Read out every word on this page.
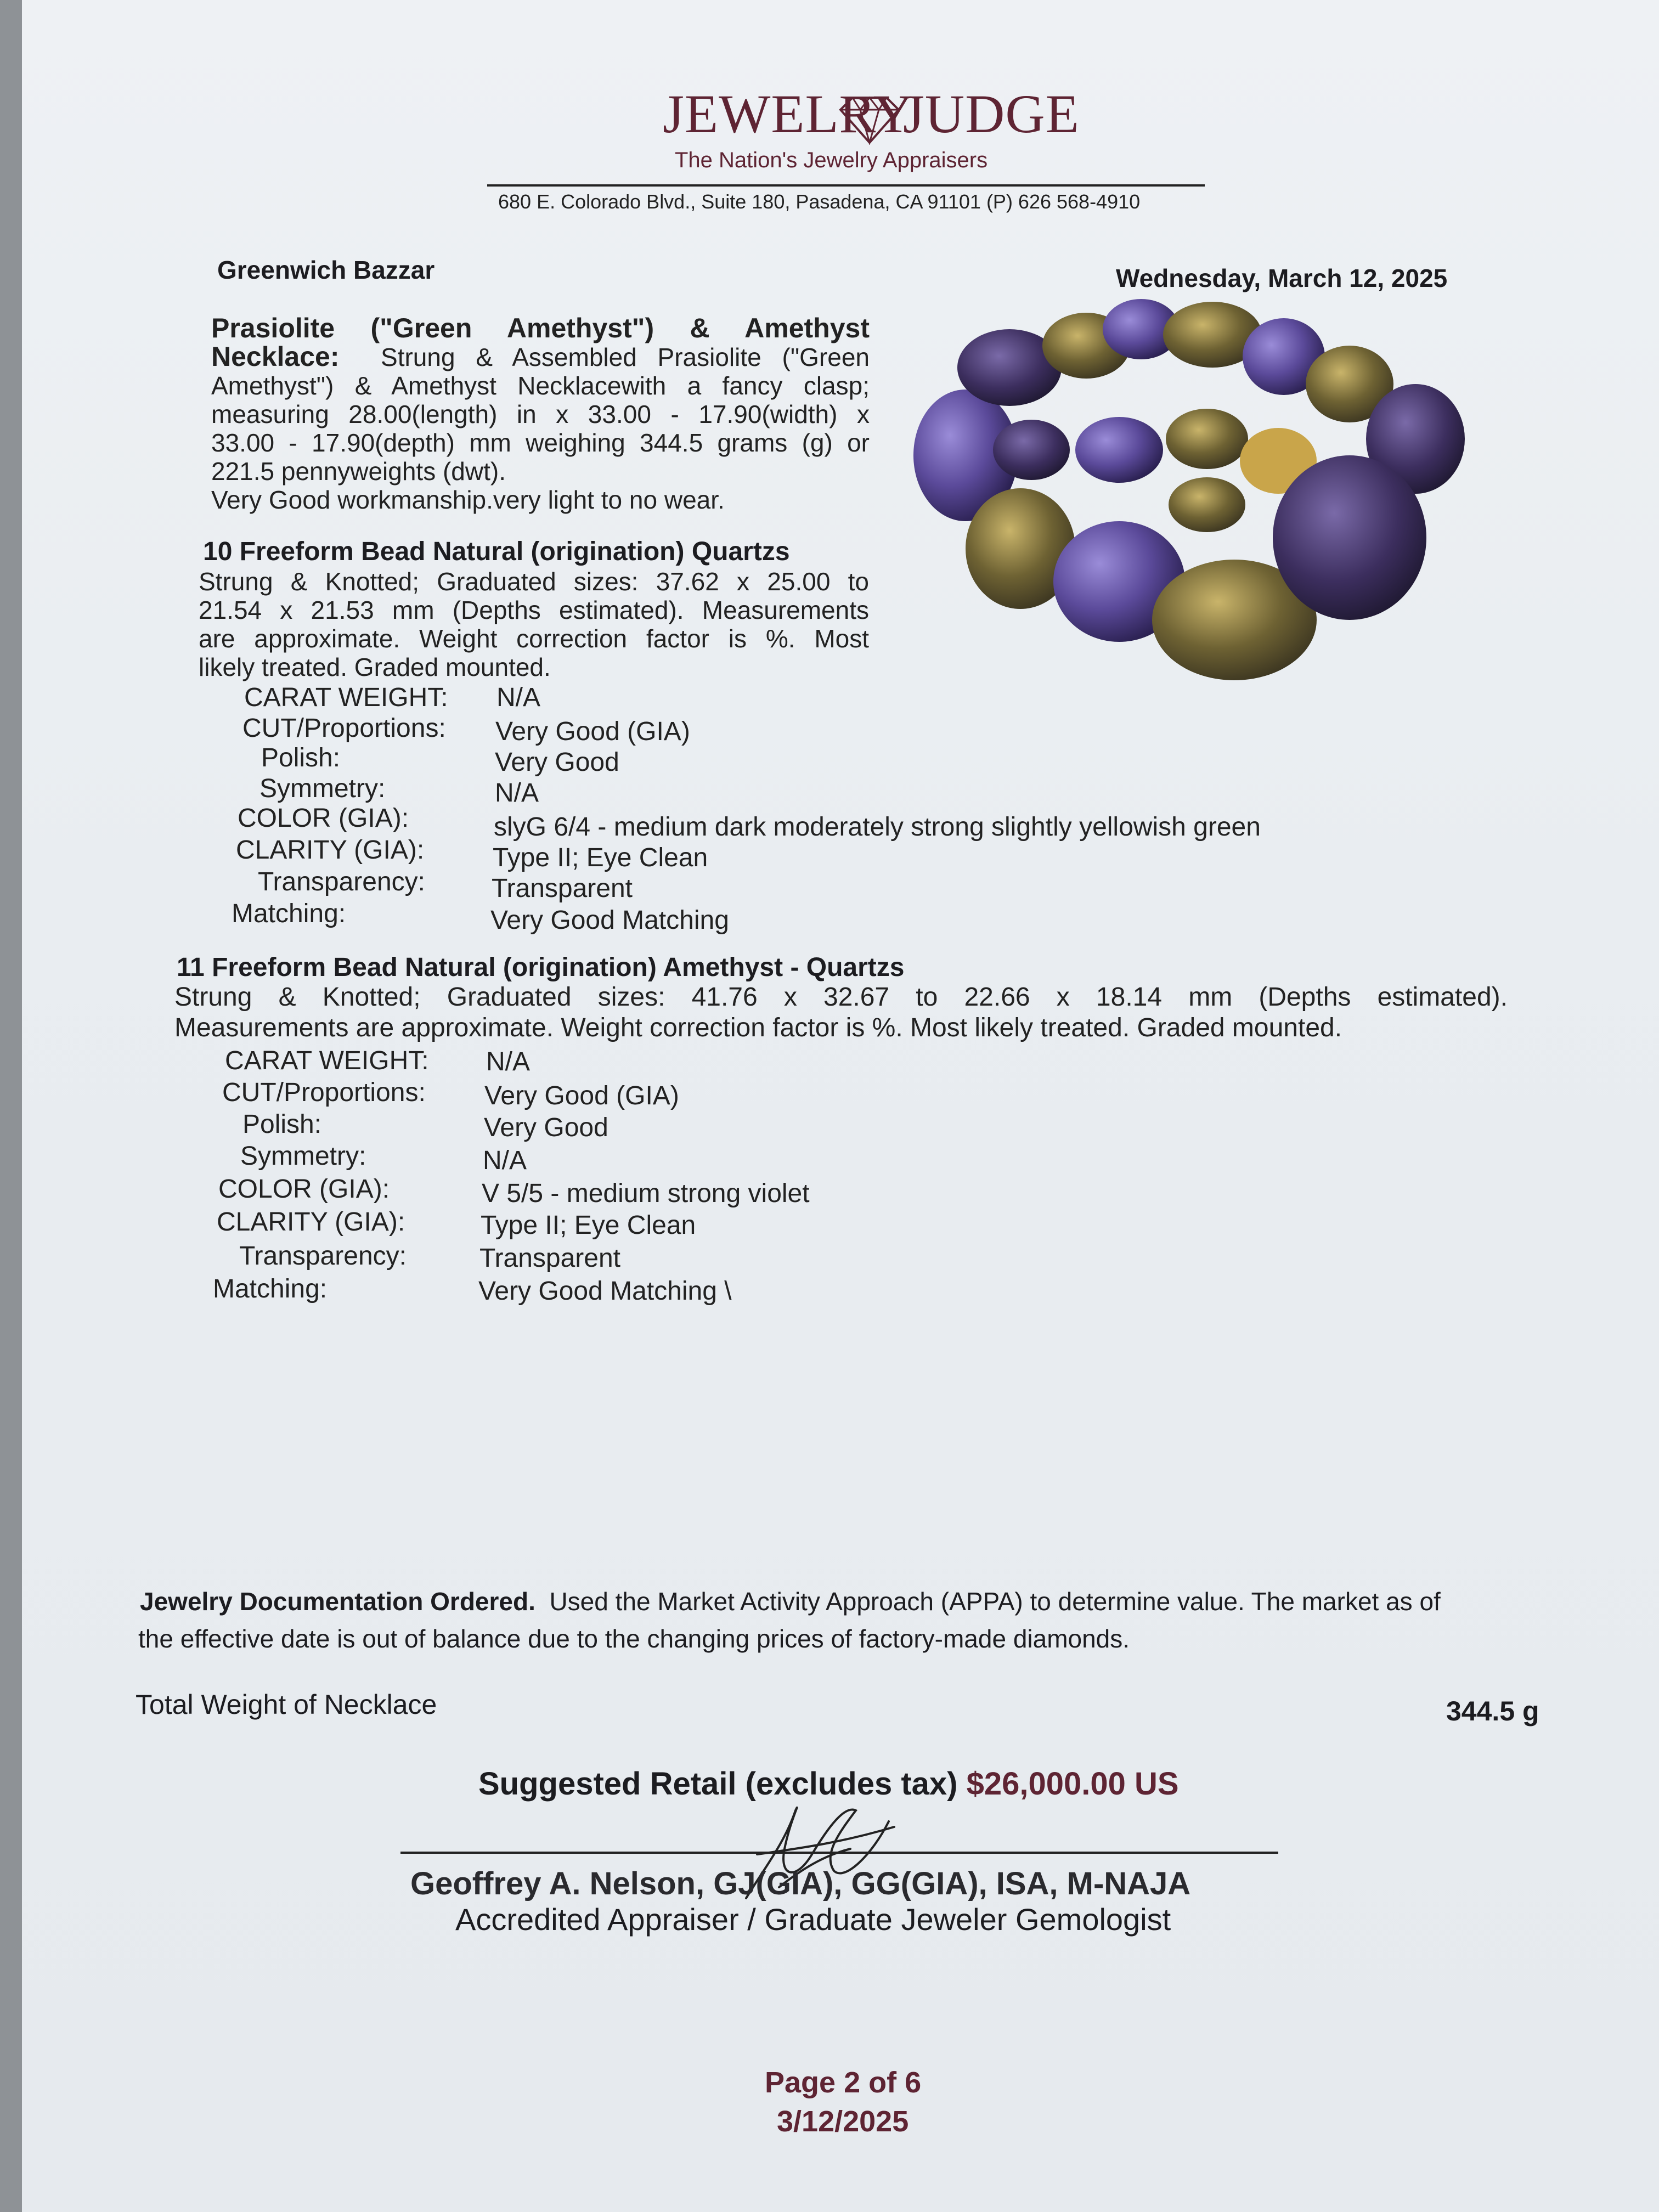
JEWELRY
JUDGE
The Nation's Jewelry Appraisers
680 E. Colorado Blvd., Suite 180, Pasadena, CA 91101 (P) 626 568-4910
Greenwich Bazzar	Wednesday, March 12, 2025
Prasiolite ("Green Amethyst") & Amethyst
Necklace: Strung & Assembled Prasiolite ("Green
Amethyst") & Amethyst Necklacewith a fancy clasp;
measuring 28.00(length) in x 33.00 - 17.90(width) x
33.00 - 17.90(depth) mm weighing 344.5 grams (g) or
221.5 pennyweights (dwt).
Very Good workmanship.very light to no wear.
10 Freeform Bead Natural (origination) Quartzs
Strung & Knotted; Graduated sizes: 37.62 x 25.00 to
21.54 x 21.53 mm (Depths estimated). Measurements
are approximate. Weight correction factor is %. Most
likely treated. Graded mounted.
CARAT WEIGHT: N/A
CUT/Proportions: Very Good (GIA)
Polish:	Very Good
Symmetry:	N/A
COLOR (GIA):	slyG 6/4 - medium dark moderately strong slightly yellowish green
CLARITY (GIA):	Type II; Eye Clean
Transparency:	Transparent
Matching:	Very Good Matching
11 Freeform Bead Natural (origination) Amethyst - Quartzs
Strung & Knotted; Graduated sizes: 41.76 x 32.67 to 22.66 x 18.14 mm (Depths estimated).
Measurements are approximate. Weight correction factor is %. Most likely treated. Graded mounted.
CARAT WEIGHT: N/A
CUT/Proportions: Very Good (GIA)
Polish:	Very Good
Symmetry:	N/A
COLOR (GIA):	V 5/5 - medium strong violet
CLARITY (GIA):	Type II; Eye Clean
Transparency:	Transparent
Matching:	Very Good Matching \
Jewelry Documentation Ordered. Used the Market Activity Approach (APPA) to determine value. The market as of
the effective date is out of balance due to the changing prices of factory-made diamonds.
Total Weight of Necklace	344.5 g
Suggested Retail (excludes tax) $26,000.00 US
Geoffrey A. Nelson, GJ(GIA), GG(GIA), ISA, M-NAJA
Accredited Appraiser / Graduate Jeweler Gemologist
Page 2 of 6
3/12/2025
